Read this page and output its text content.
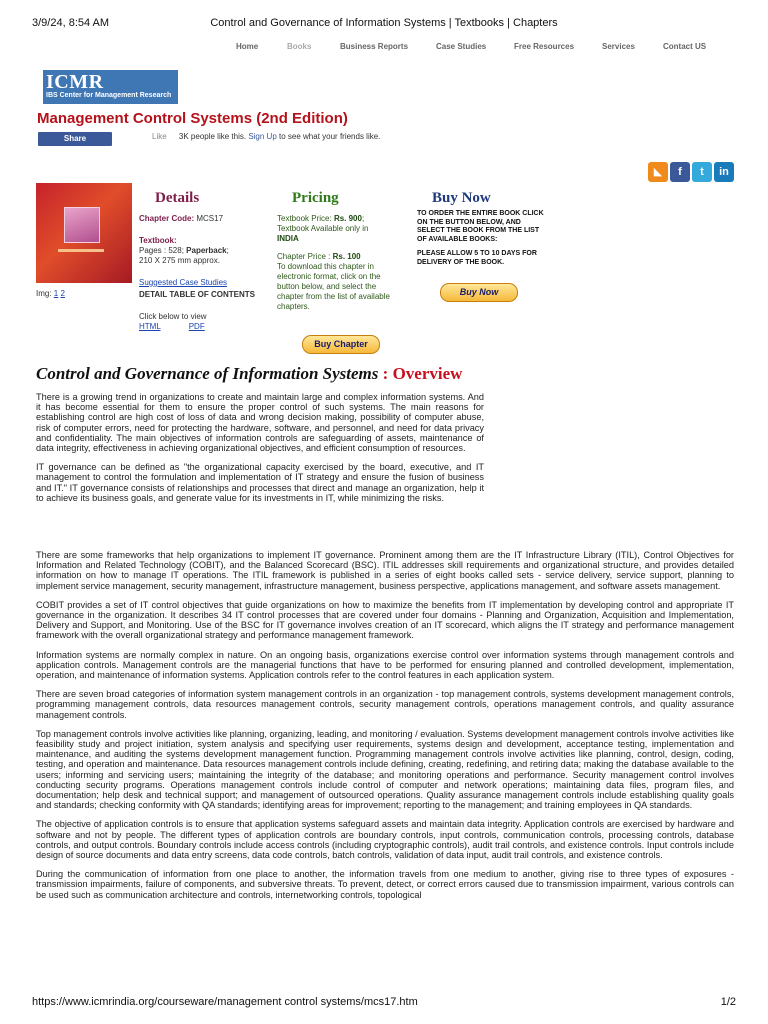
3/9/24, 8:54 AM	Control and Governance of Information Systems | Textbooks | Chapters
Home	Books	Business Reports	Case Studies	Free Resources	Services	Contact US
ICMR
IBS Center for Management Research
Management Control Systems (2nd Edition)
Share	Like 3K people like this. Sign Up to see what your friends like.
◣	f	t	in
Img: 1 2
Details	Pricing	Buy Now
Chapter Code: MCS17
Textbook:
Pages : 528; Paperback;
210 X 275 mm approx.
Suggested Case Studies
DETAIL TABLE OF CONTENTS
Click below to view
HTML	PDF
Textbook Price: Rs. 900;
Textbook Available only in
INDIA
Chapter Price : Rs. 100
To download this chapter in electronic format, click on the button below, and select the chapter from the list of available chapters.
TO ORDER THE ENTIRE BOOK CLICK ON THE BUTTON BELOW, AND SELECT THE BOOK FROM THE LIST OF AVAILABLE BOOKS:
PLEASE ALLOW 5 TO 10 DAYS FOR DELIVERY OF THE BOOK.
Buy Now
Buy Chapter
Control and Governance of Information Systems : Overview

There is a growing trend in organizations to create and maintain large and complex information systems. And it has become essential for them to ensure the proper control of such systems. The main reasons for establishing control are high cost of loss of data and wrong decision making, possibility of computer abuse, risk of computer errors, need for protecting the hardware, software, and personnel, and need for data privacy and confidentiality. The main objectives of information controls are safeguarding of assets, maintenance of data integrity, effectiveness in achieving organizational objectives, and efficient consumption of resources.

IT governance can be defined as "the organizational capacity exercised by the board, executive, and IT management to control the formulation and implementation of IT strategy and ensure the fusion of business and IT." IT governance consists of relationships and processes that direct and manage an organization, help it to achieve its business goals, and generate value for its investments in IT, while minimizing the risks.

There are some frameworks that help organizations to implement IT governance. Prominent among them are the IT Infrastructure Library (ITIL), Control Objectives for Information and Related Technology (COBIT), and the Balanced Scorecard (BSC). ITIL addresses skill requirements and organizational structure, and provides detailed information on how to manage IT operations. The ITIL framework is published in a series of eight books called sets - service delivery, service support, planning to implement service management, security management, infrastructure management, business perspective, applications management, and software assets management.

COBIT provides a set of IT control objectives that guide organizations on how to maximize the benefits from IT implementation by developing control and appropriate IT governance in the organization. It describes 34 IT control processes that are covered under four domains - Planning and Organization, Acquisition and Implementation, Delivery and Support, and Monitoring. Use of the BSC for IT governance involves creation of an IT scorecard, which aligns the IT strategy and performance management framework with the overall organizational strategy and performance management framework.

Information systems are normally complex in nature. On an ongoing basis, organizations exercise control over information systems through management controls and application controls. Management controls are the managerial functions that have to be performed for ensuring planned and controlled development, implementation, operation, and maintenance of information systems. Application controls refer to the control features in each application system.

There are seven broad categories of information system management controls in an organization - top management controls, systems development management controls, programming management controls, data resources management controls, security management controls, operations management controls, and quality assurance management controls.

Top management controls involve activities like planning, organizing, leading, and monitoring / evaluation. Systems development management controls involve activities like feasibility study and project initiation, system analysis and specifying user requirements, systems design and development, acceptance testing, implementation and maintenance, and auditing the systems development management function. Programming management controls involve activities like planning, control, design, coding, testing, and operation and maintenance. Data resources management controls include defining, creating, redefining, and retiring data; making the database available to the users; informing and servicing users; maintaining the integrity of the database; and monitoring operations and performance. Security management control involves conducting security programs. Operations management controls include control of computer and network operations; maintaining data files, program files, and documentation; help desk and technical support; and management of outsourced operations. Quality assurance management controls include establishing quality goals and standards; checking conformity with QA standards; identifying areas for improvement; reporting to the management; and training employees in QA standards.

The objective of application controls is to ensure that application systems safeguard assets and maintain data integrity. Application controls are exercised by hardware and software and not by people. The different types of application controls are boundary controls, input controls, communication controls, processing controls, database controls, and output controls. Boundary controls include access controls (including cryptographic controls), audit trail controls, and existence controls. Input controls include design of source documents and data entry screens, data code controls, batch controls, validation of data input, audit trail controls, and existence controls.

During the communication of information from one place to another, the information travels from one medium to another, giving rise to three types of exposures - transmission impairments, failure of components, and subversive threats. To prevent, detect, or correct errors caused due to transmission impairment, various controls can be used such as communication architecture and controls, internetworking controls, topological

https://www.icmrindia.org/courseware/management control systems/mcs17.htm	1/2
